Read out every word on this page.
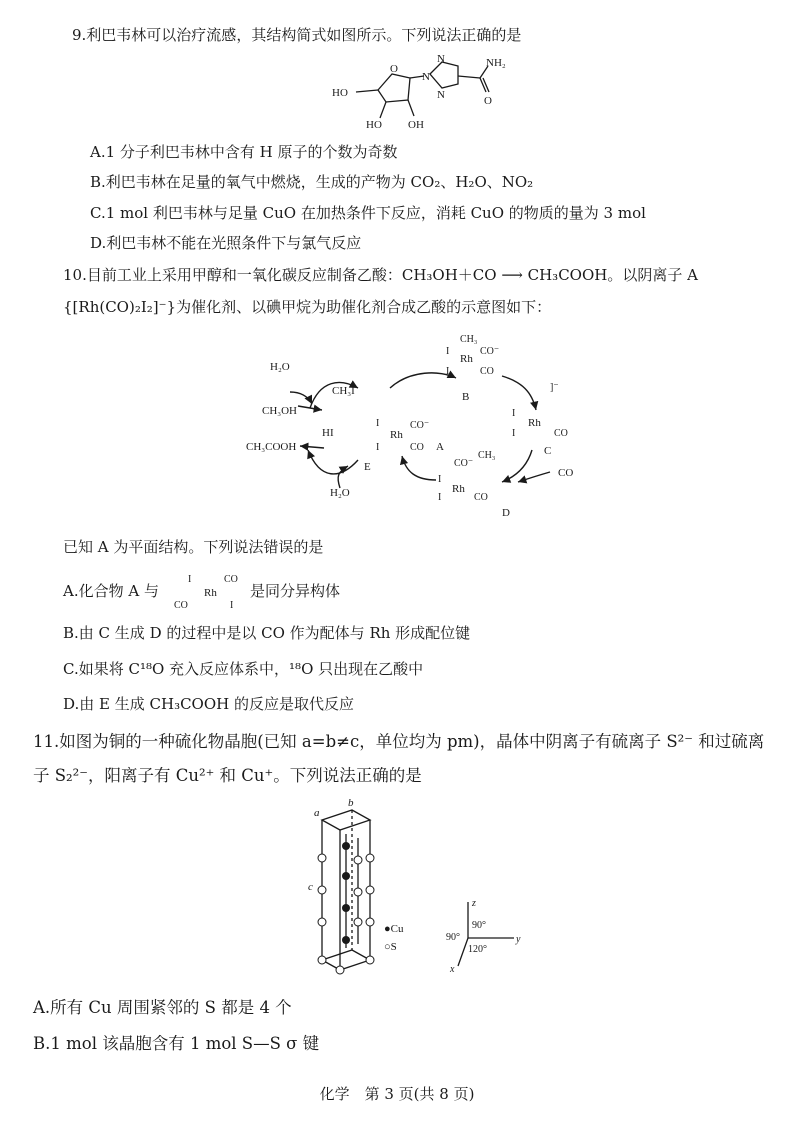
9.利巴韦林可以治疗流感，其结构简式如图所示。下列说法正确的是
HO
HO OH
O
N
N
N
NH₂
O
A.1 分子利巴韦林中含有 H 原子的个数为奇数
B.利巴韦林在足量的氧气中燃烧，生成的产物为 CO₂、H₂O、NO₂
C.1 mol 利巴韦林与足量 CuO 在加热条件下反应，消耗 CuO 的物质的量为 3 mol
D.利巴韦林不能在光照条件下与氯气反应
10.目前工业上采用甲醇和一氧化碳反应制备乙酸：CH₃OH＋CO ⟶ CH₃COOH。以阴离子 A
{[Rh(CO)₂I₂]⁻}为催化剂、以碘甲烷为助催化剂合成乙酸的示意图如下：
Rh
I
I
CO⁻
CO A
CH₃
Rh
I
I
CO⁻
CO
B
]⁻
Rh
I
I	CO
C
CH₃
CO⁻
Rh
I
I	CO
D
H₂O
CH₃I
CH₃OH
HI
CH₃COOH
E
H₂O
CO
已知 A 为平面结构。下列说法错误的是
A.化合物 A 与
I	CO
Rh
CO	I
是同分异构体
B.由 C 生成 D 的过程中是以 CO 作为配体与 Rh 形成配位键
C.如果将 C¹⁸O 充入反应体系中，¹⁸O 只出现在乙酸中
D.由 E 生成 CH₃COOH 的反应是取代反应
11.如图为铜的一种硫化物晶胞(已知 a=b≠c，单位均为 pm)，晶体中阴离子有硫离子 S²⁻ 和过硫离
子 S₂²⁻，阳离子有 Cu²⁺ 和 Cu⁺。下列说法正确的是
a
b
c
●Cu
○S
z
y
x
90°
90°
120°
A.所有 Cu 周围紧邻的 S 都是 4 个
B.1 mol 该晶胞含有 1 mol S—S σ 键
化学　第 3 页(共 8 页)
